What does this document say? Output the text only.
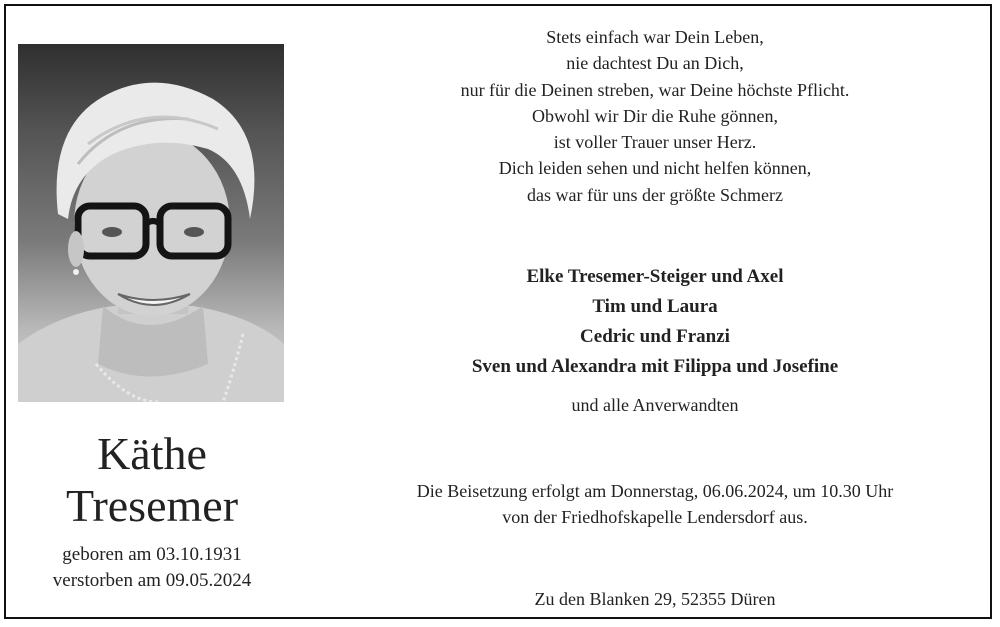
Käthe
Tresemer
geboren am 03.10.1931
verstorben am 09.05.2024
Stets einfach war Dein Leben,
nie dachtest Du an Dich,
nur für die Deinen streben, war Deine höchste Pflicht.
Obwohl wir Dir die Ruhe gönnen,
ist voller Trauer unser Herz.
Dich leiden sehen und nicht helfen können,
das war für uns der größte Schmerz
Elke Tresemer-Steiger und Axel
Tim und Laura
Cedric und Franzi
Sven und Alexandra mit Filippa und Josefine
und alle Anverwandten
Die Beisetzung erfolgt am Donnerstag, 06.06.2024, um 10.30 Uhr
von der Friedhofskapelle Lendersdorf aus.
Zu den Blanken 29, 52355 Düren
